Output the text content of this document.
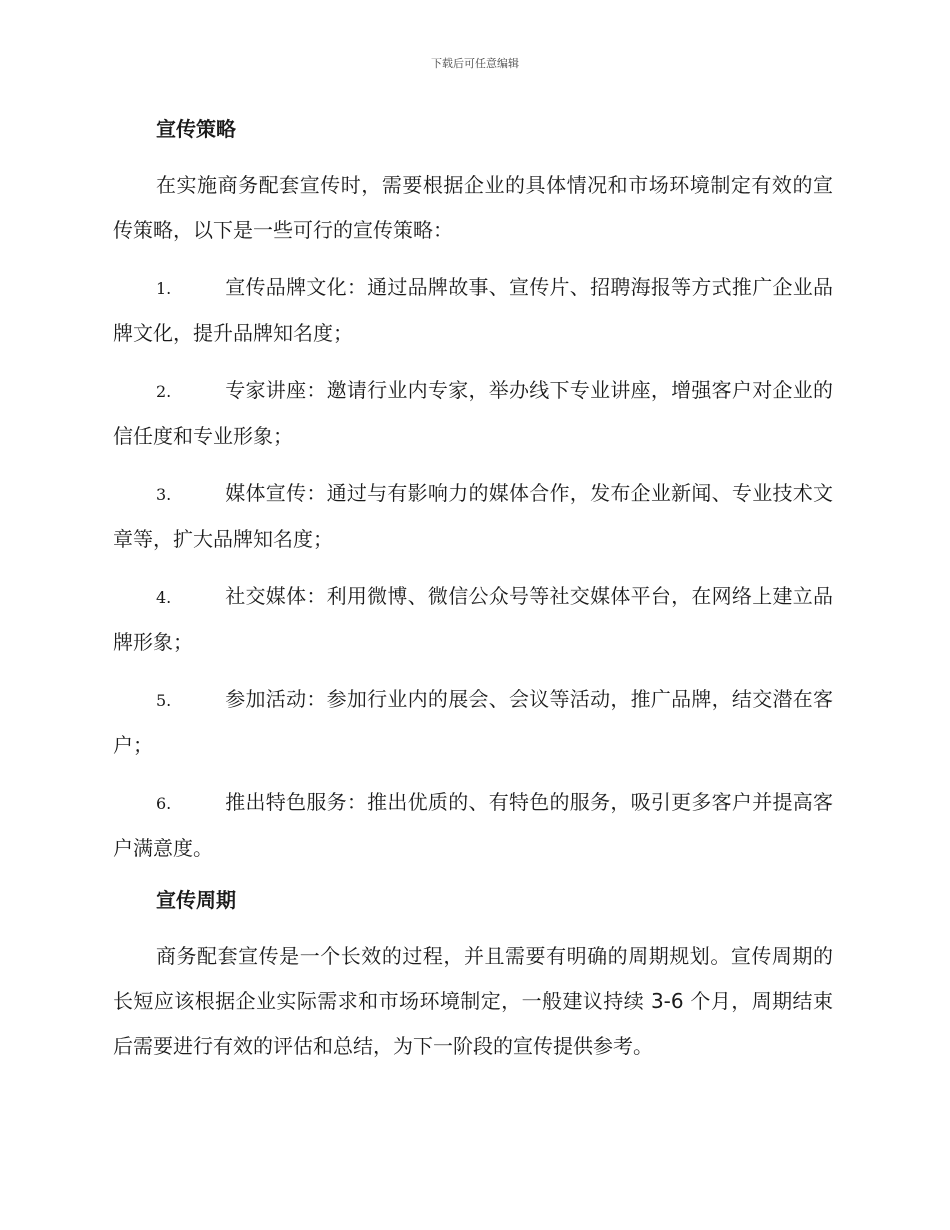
下载后可任意编辑
宣传策略

在实施商务配套宣传时，需要根据企业的具体情况和市场环境制定有效的宣传策略，以下是一些可行的宣传策略：

1.	宣传品牌文化：通过品牌故事、宣传片、招聘海报等方式推广企业品牌文化，提升品牌知名度；
2.	专家讲座：邀请行业内专家，举办线下专业讲座，增强客户对企业的信任度和专业形象；
3.	媒体宣传：通过与有影响力的媒体合作，发布企业新闻、专业技术文章等，扩大品牌知名度；
4.	社交媒体：利用微博、微信公众号等社交媒体平台，在网络上建立品牌形象；
5.	参加活动：参加行业内的展会、会议等活动，推广品牌，结交潜在客户；
6.	推出特色服务：推出优质的、有特色的服务，吸引更多客户并提高客户满意度。
宣传周期

商务配套宣传是一个长效的过程，并且需要有明确的周期规划。宣传周期的长短应该根据企业实际需求和市场环境制定，一般建议持续 3-6 个月，周期结束后需要进行有效的评估和总结，为下一阶段的宣传提供参考。
